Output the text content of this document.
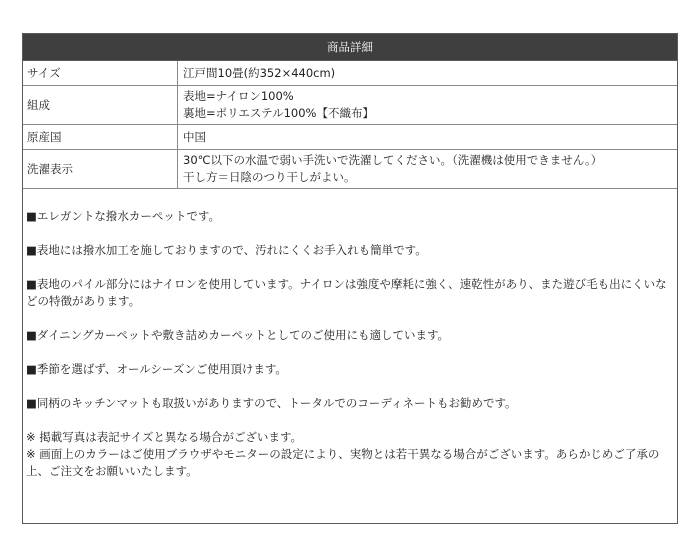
商品詳細
サイズ	江戸間10畳(約352×440cm)

組成	表地=ナイロン100%
裏地=ポリエステル100%【不織布】

原産国	中国

洗濯表示	30℃以下の水温で弱い手洗いで洗濯してください。（洗濯機は使用できません。）
干し方＝日陰のつり干しがよい。

■エレガントな撥水カーペットです。

■表地には撥水加工を施しておりますので、汚れにくくお手入れも簡単です。

■表地のパイル部分にはナイロンを使用しています。ナイロンは強度や摩耗に強く、速乾性があり、また遊び毛も出にくいなどの特徴があります。

■ダイニングカーペットや敷き詰めカーペットとしてのご使用にも適しています。

■季節を選ばず、オールシーズンご使用頂けます。

■同柄のキッチンマットも取扱いがありますので、トータルでのコーディネートもお勧めです。

※ 掲載写真は表記サイズと異なる場合がございます。

※ 画面上のカラーはご使用ブラウザやモニターの設定により、実物とは若干異なる場合がございます。あらかじめご了承の上、ご注文をお願いいたします。
